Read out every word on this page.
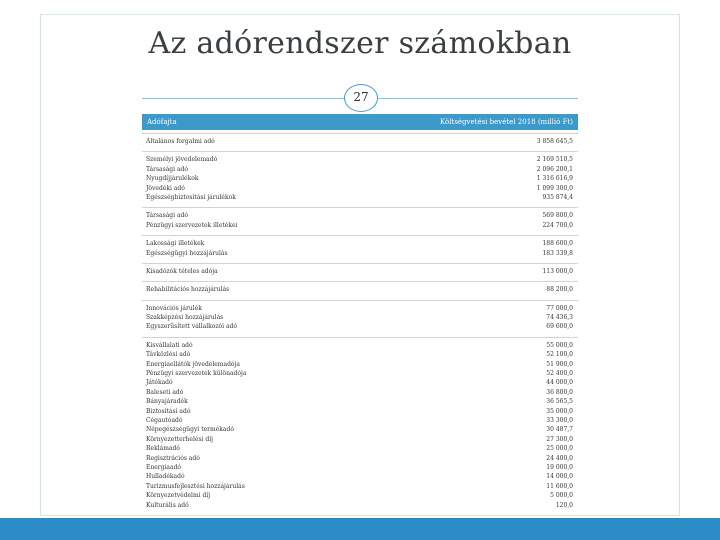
Az adórendszer számokban
27
Adófajta	Költségvetési bevétel 2018 (millió Ft)
Általános forgalmi adó	3 858 645,5
Személyi jövedelemadó	2 169 510,5
Társasági adó	2 096 200,1
Nyugdíjjárulékok	1 316 616,9
Jövedéki adó	1 099 300,0
Egészségbiztosítási járulékok	935 874,4
Társasági adó	569 800,0
Pénzügyi szervezetek illetékei	224 700,0
Lakossági illetékek	188 600,0
Egészségügyi hozzájárulás	183 339,8
Kisadózók tételes adója	113 000,0
Rehabilitációs hozzájárulás	88 200,0
Innovációs járulék	77 000,0
Szakképzési hozzájárulás	74 436,3
Egyszerűsített vállalkozói adó	69 600,0
Kisvállalati adó	55 000,0
Távközlési adó	52 100,0
Energiaellátók jövedelemadója	51 900,0
Pénzügyi szervezetek különadója	52 400,0
Játékadó	44 000,0
Baleseti adó	36 800,0
Bányajáradék	36 565,5
Biztosítási adó	35 000,0
Cégautóadó	33 300,0
Népegészségügyi termékadó	30 487,7
Környezetterhelési díj	27 300,0
Reklámadó	25 000,0
Regisztrációs adó	24 400,0
Energiaadó	19 000,0
Hulladékadó	14 000,0
Turizmusfejlesztési hozzájárulás	11 600,0
Környezetvédelmi díj	5 000,0
Kulturális adó	120,0
